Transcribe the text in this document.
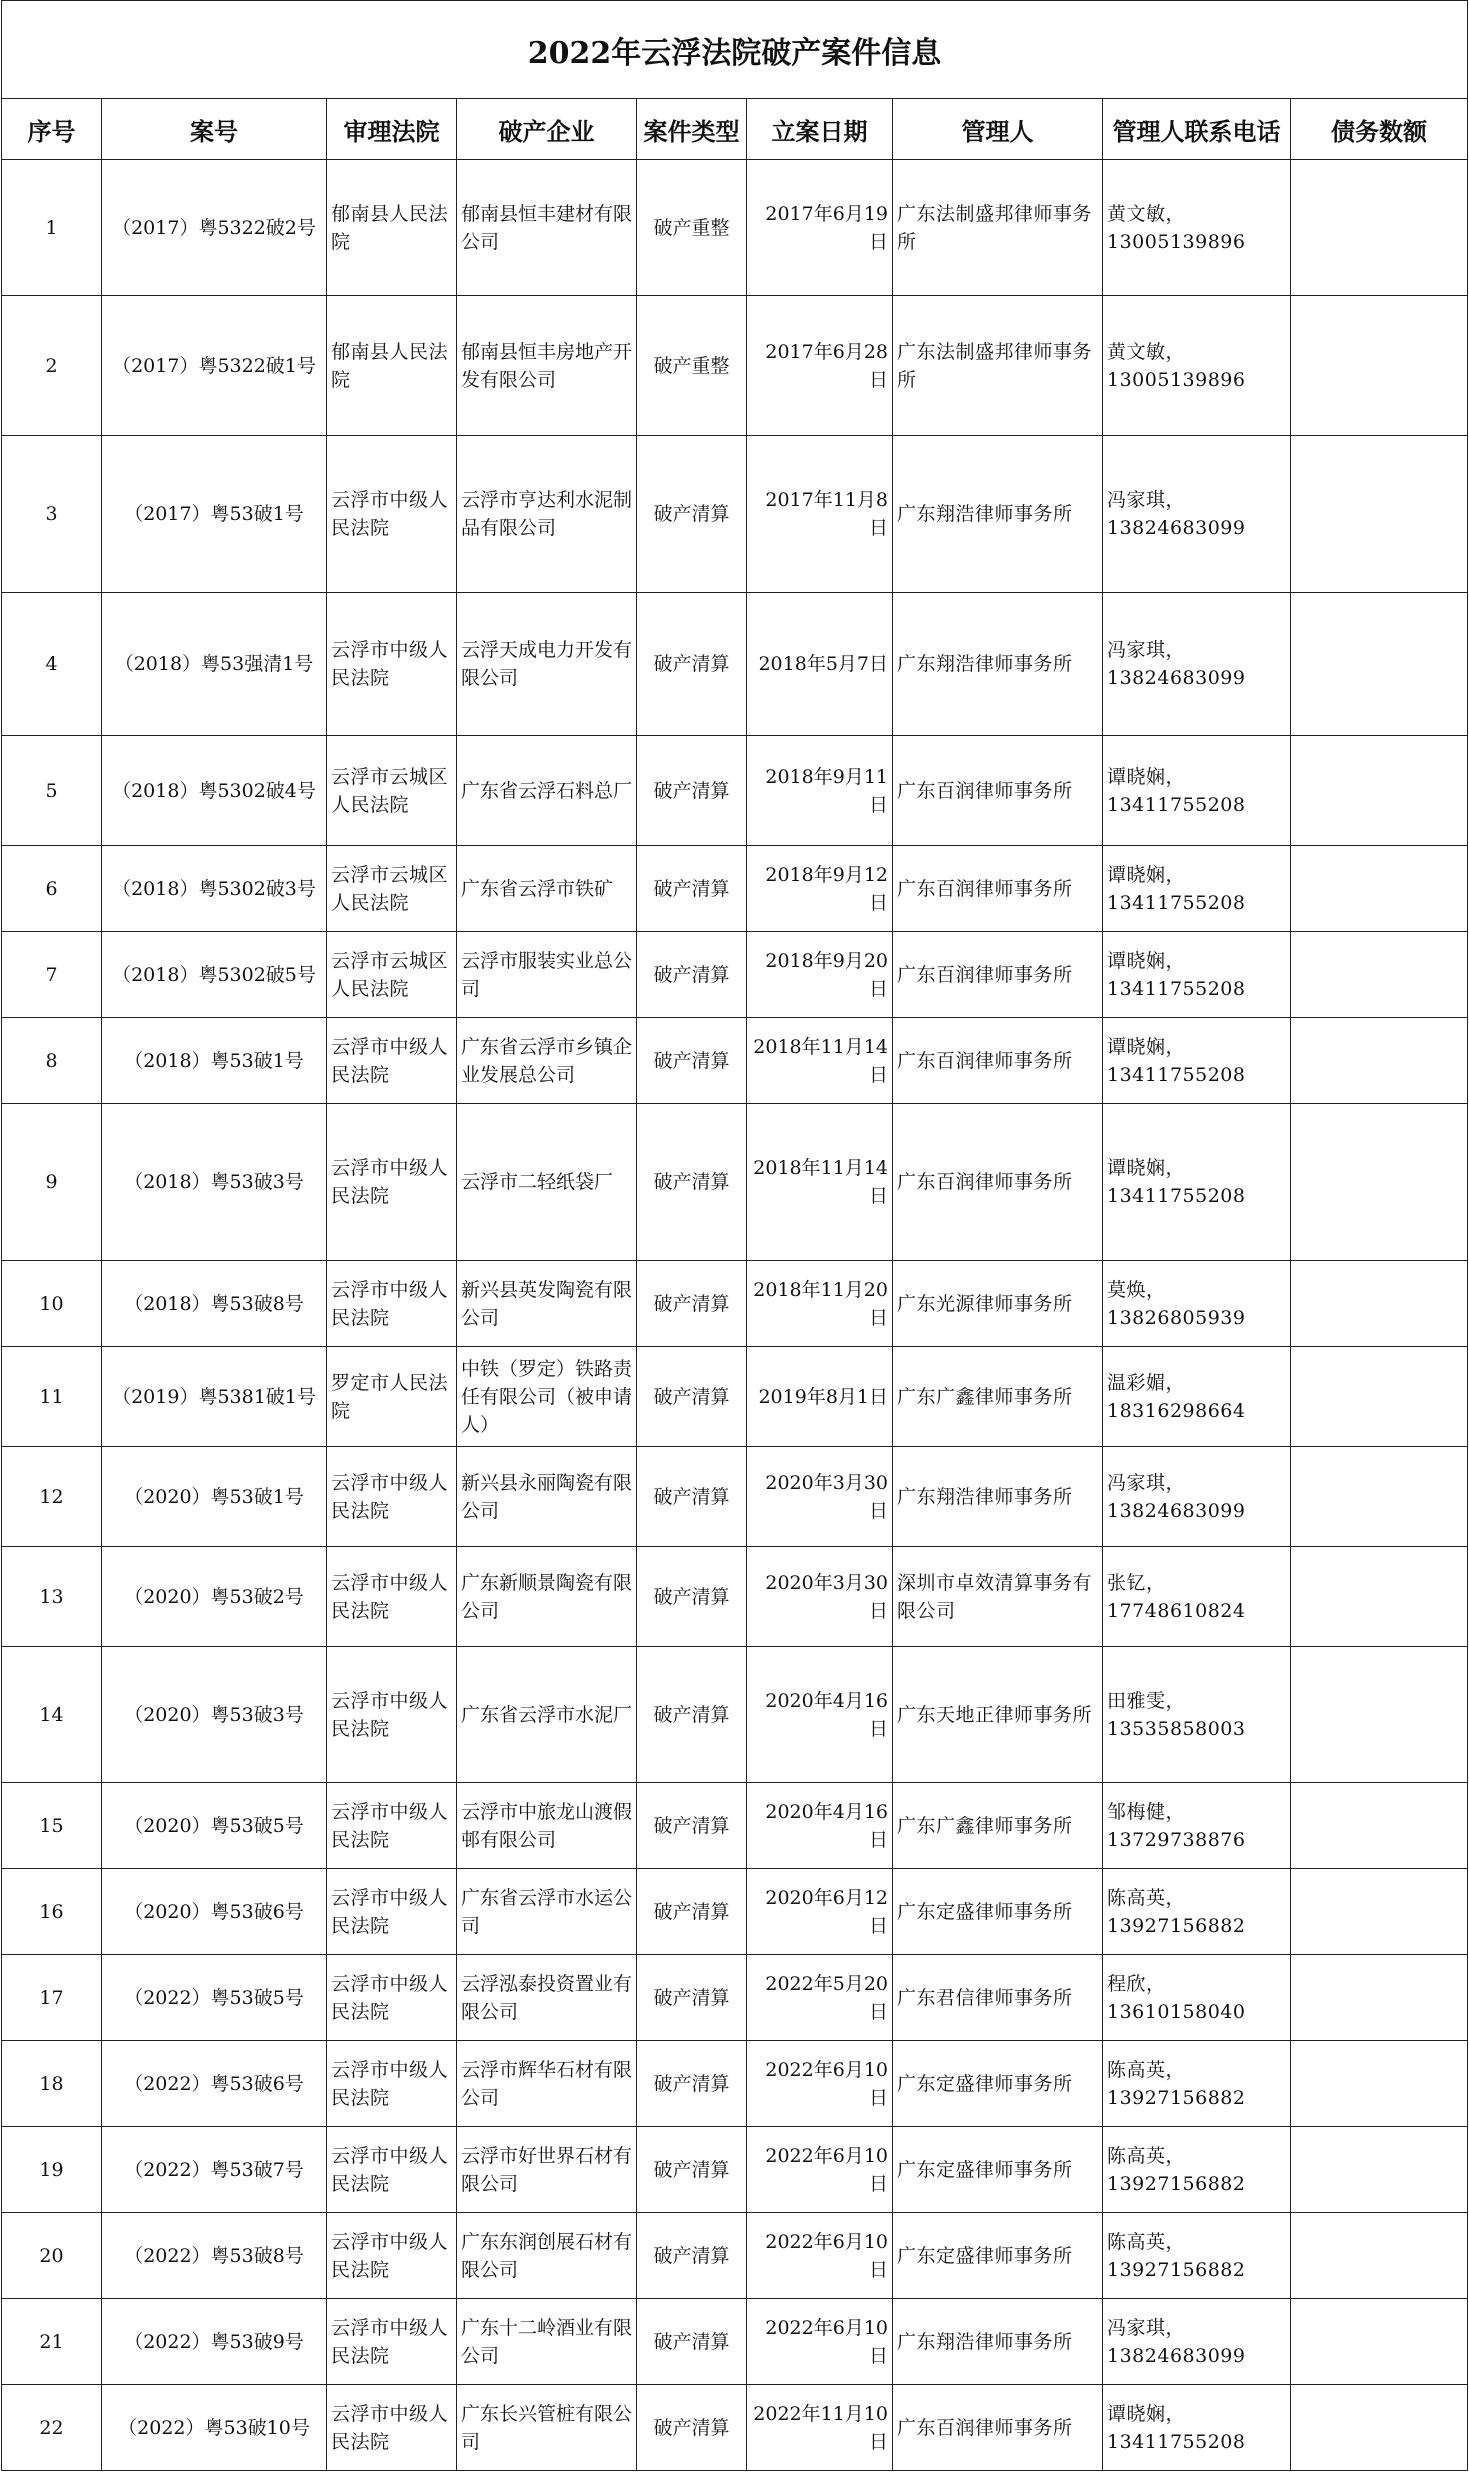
2022年云浮法院破产案件信息								
序号	案号	审理法院	破产企业	案件类型	立案日期	管理人	管理人联系电话	债务数额
1	（2017）粤5322破2号	郁南县人民法院	郁南县恒丰建材有限公司	破产重整	2017年6月19日	广东法制盛邦律师事务所	黄文敏，
13005139896	

2	（2017）粤5322破1号	郁南县人民法院	郁南县恒丰房地产开发有限公司	破产重整	2017年6月28日	广东法制盛邦律师事务所	黄文敏，
13005139896	

3	（2017）粤53破1号	云浮市中级人民法院	云浮市亨达利水泥制品有限公司	破产清算	2017年11月8日	广东翔浩律师事务所	冯家琪，
13824683099	

4	（2018）粤53强清1号	云浮市中级人民法院	云浮天成电力开发有限公司	破产清算	2018年5月7日	广东翔浩律师事务所	冯家琪，
13824683099	

5	（2018）粤5302破4号	云浮市云城区人民法院	广东省云浮石料总厂	破产清算	2018年9月11日	广东百润律师事务所	谭晓娴，
13411755208	

6	（2018）粤5302破3号	云浮市云城区人民法院	广东省云浮市铁矿	破产清算	2018年9月12日	广东百润律师事务所	谭晓娴，
13411755208	

7	（2018）粤5302破5号	云浮市云城区人民法院	云浮市服装实业总公司	破产清算	2018年9月20日	广东百润律师事务所	谭晓娴，
13411755208	

8	（2018）粤53破1号	云浮市中级人民法院	广东省云浮市乡镇企业发展总公司	破产清算	2018年11月14日	广东百润律师事务所	谭晓娴，
13411755208	

9	（2018）粤53破3号	云浮市中级人民法院	云浮市二轻纸袋厂	破产清算	2018年11月14日	广东百润律师事务所	谭晓娴，
13411755208	

10	（2018）粤53破8号	云浮市中级人民法院	新兴县英发陶瓷有限公司	破产清算	2018年11月20日	广东光源律师事务所	莫焕，
13826805939	

11	（2019）粤5381破1号	罗定市人民法院	中铁（罗定）铁路责任有限公司（被申请人）	破产清算	2019年8月1日	广东广鑫律师事务所	温彩媚，
18316298664	

12	（2020）粤53破1号	云浮市中级人民法院	新兴县永丽陶瓷有限公司	破产清算	2020年3月30日	广东翔浩律师事务所	冯家琪，
13824683099	

13	（2020）粤53破2号	云浮市中级人民法院	广东新顺景陶瓷有限公司	破产清算	2020年3月30日	深圳市卓效清算事务有限公司	张钇，
17748610824	

14	（2020）粤53破3号	云浮市中级人民法院	广东省云浮市水泥厂	破产清算	2020年4月16日	广东天地正律师事务所	田雅雯，
13535858003	

15	（2020）粤53破5号	云浮市中级人民法院	云浮市中旅龙山渡假邨有限公司	破产清算	2020年4月16日	广东广鑫律师事务所	邹梅健，
13729738876	

16	（2020）粤53破6号	云浮市中级人民法院	广东省云浮市水运公司	破产清算	2020年6月12日	广东定盛律师事务所	陈高英，
13927156882	

17	（2022）粤53破5号	云浮市中级人民法院	云浮泓泰投资置业有限公司	破产清算	2022年5月20日	广东君信律师事务所	程欣，
13610158040	

18	（2022）粤53破6号	云浮市中级人民法院	云浮市辉华石材有限公司	破产清算	2022年6月10日	广东定盛律师事务所	陈高英，
13927156882	

19	（2022）粤53破7号	云浮市中级人民法院	云浮市好世界石材有限公司	破产清算	2022年6月10日	广东定盛律师事务所	陈高英，
13927156882	

20	（2022）粤53破8号	云浮市中级人民法院	广东东润创展石材有限公司	破产清算	2022年6月10日	广东定盛律师事务所	陈高英，
13927156882	

21	（2022）粤53破9号	云浮市中级人民法院	广东十二岭酒业有限公司	破产清算	2022年6月10日	广东翔浩律师事务所	冯家琪，
13824683099	

22	（2022）粤53破10号	云浮市中级人民法院	广东长兴管桩有限公司	破产清算	2022年11月10日	广东百润律师事务所	谭晓娴，
13411755208	
